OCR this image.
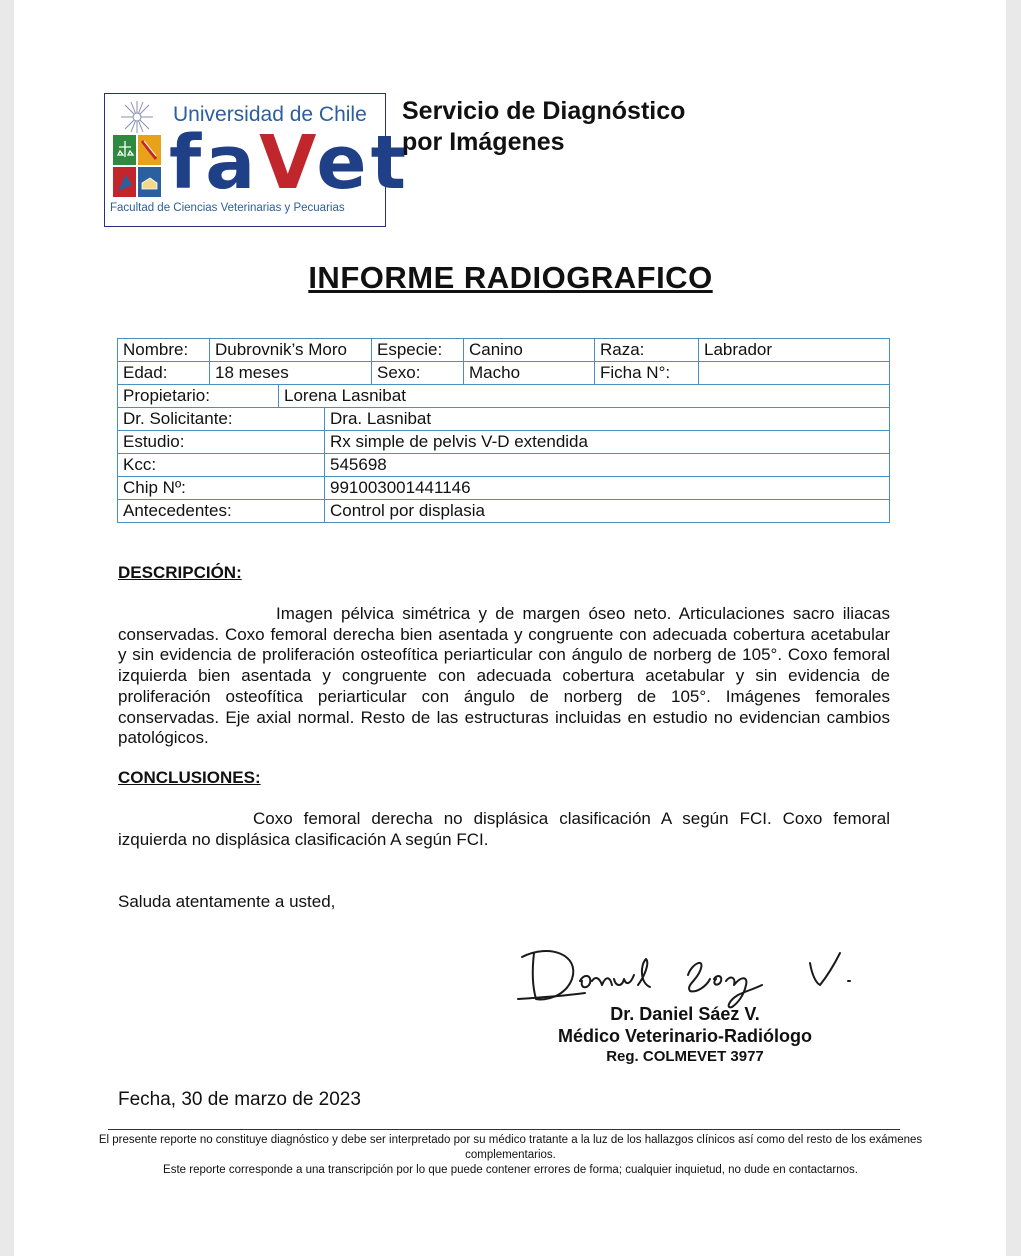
Universidad de Chile
faVet
Facultad de Ciencias Veterinarias y Pecuarias
Servicio de Diagnóstico
por Imágenes
INFORME RADIOGRAFICO
Nombre:	Dubrovnik’s Moro			Especie:	Canino	Raza:	Labrador
Edad:	18 meses			Sexo:	Macho	Ficha N°:	
Propietario:		Lorena Lasnibat					
Dr. Solicitante:			Dra. Lasnibat				
Estudio:			Rx simple de pelvis V-D extendida				
Kcc:			545698				
Chip Nº:			991003001441146				
Antecedentes:			Control por displasia				
DESCRIPCIÓN:
Imagen pélvica simétrica y de margen óseo neto. Articulaciones sacro iliacas conservadas. Coxo femoral derecha bien asentada y congruente con adecuada cobertura acetabular y sin evidencia de proliferación osteofítica periarticular con ángulo de norberg de 105°. Coxo femoral izquierda bien asentada y congruente con adecuada cobertura acetabular y sin evidencia de proliferación osteofítica periarticular con ángulo de norberg de 105°. Imágenes femorales conservadas. Eje axial normal. Resto de las estructuras incluidas en estudio no evidencian cambios patológicos.
CONCLUSIONES:
Coxo femoral derecha no displásica clasificación A según FCI. Coxo femoral izquierda no displásica clasificación A según FCI.
Saluda atentamente a usted,
Dr. Daniel Sáez V.
Médico Veterinario-Radiólogo
Reg. COLMEVET 3977
Fecha, 30 de marzo de 2023
El presente reporte no constituye diagnóstico y debe ser interpretado por su médico tratante a la luz de los hallazgos clínicos así como del resto de los exámenes complementarios.
Este reporte corresponde a una transcripción por lo que puede contener errores de forma; cualquier inquietud, no dude en contactarnos.
